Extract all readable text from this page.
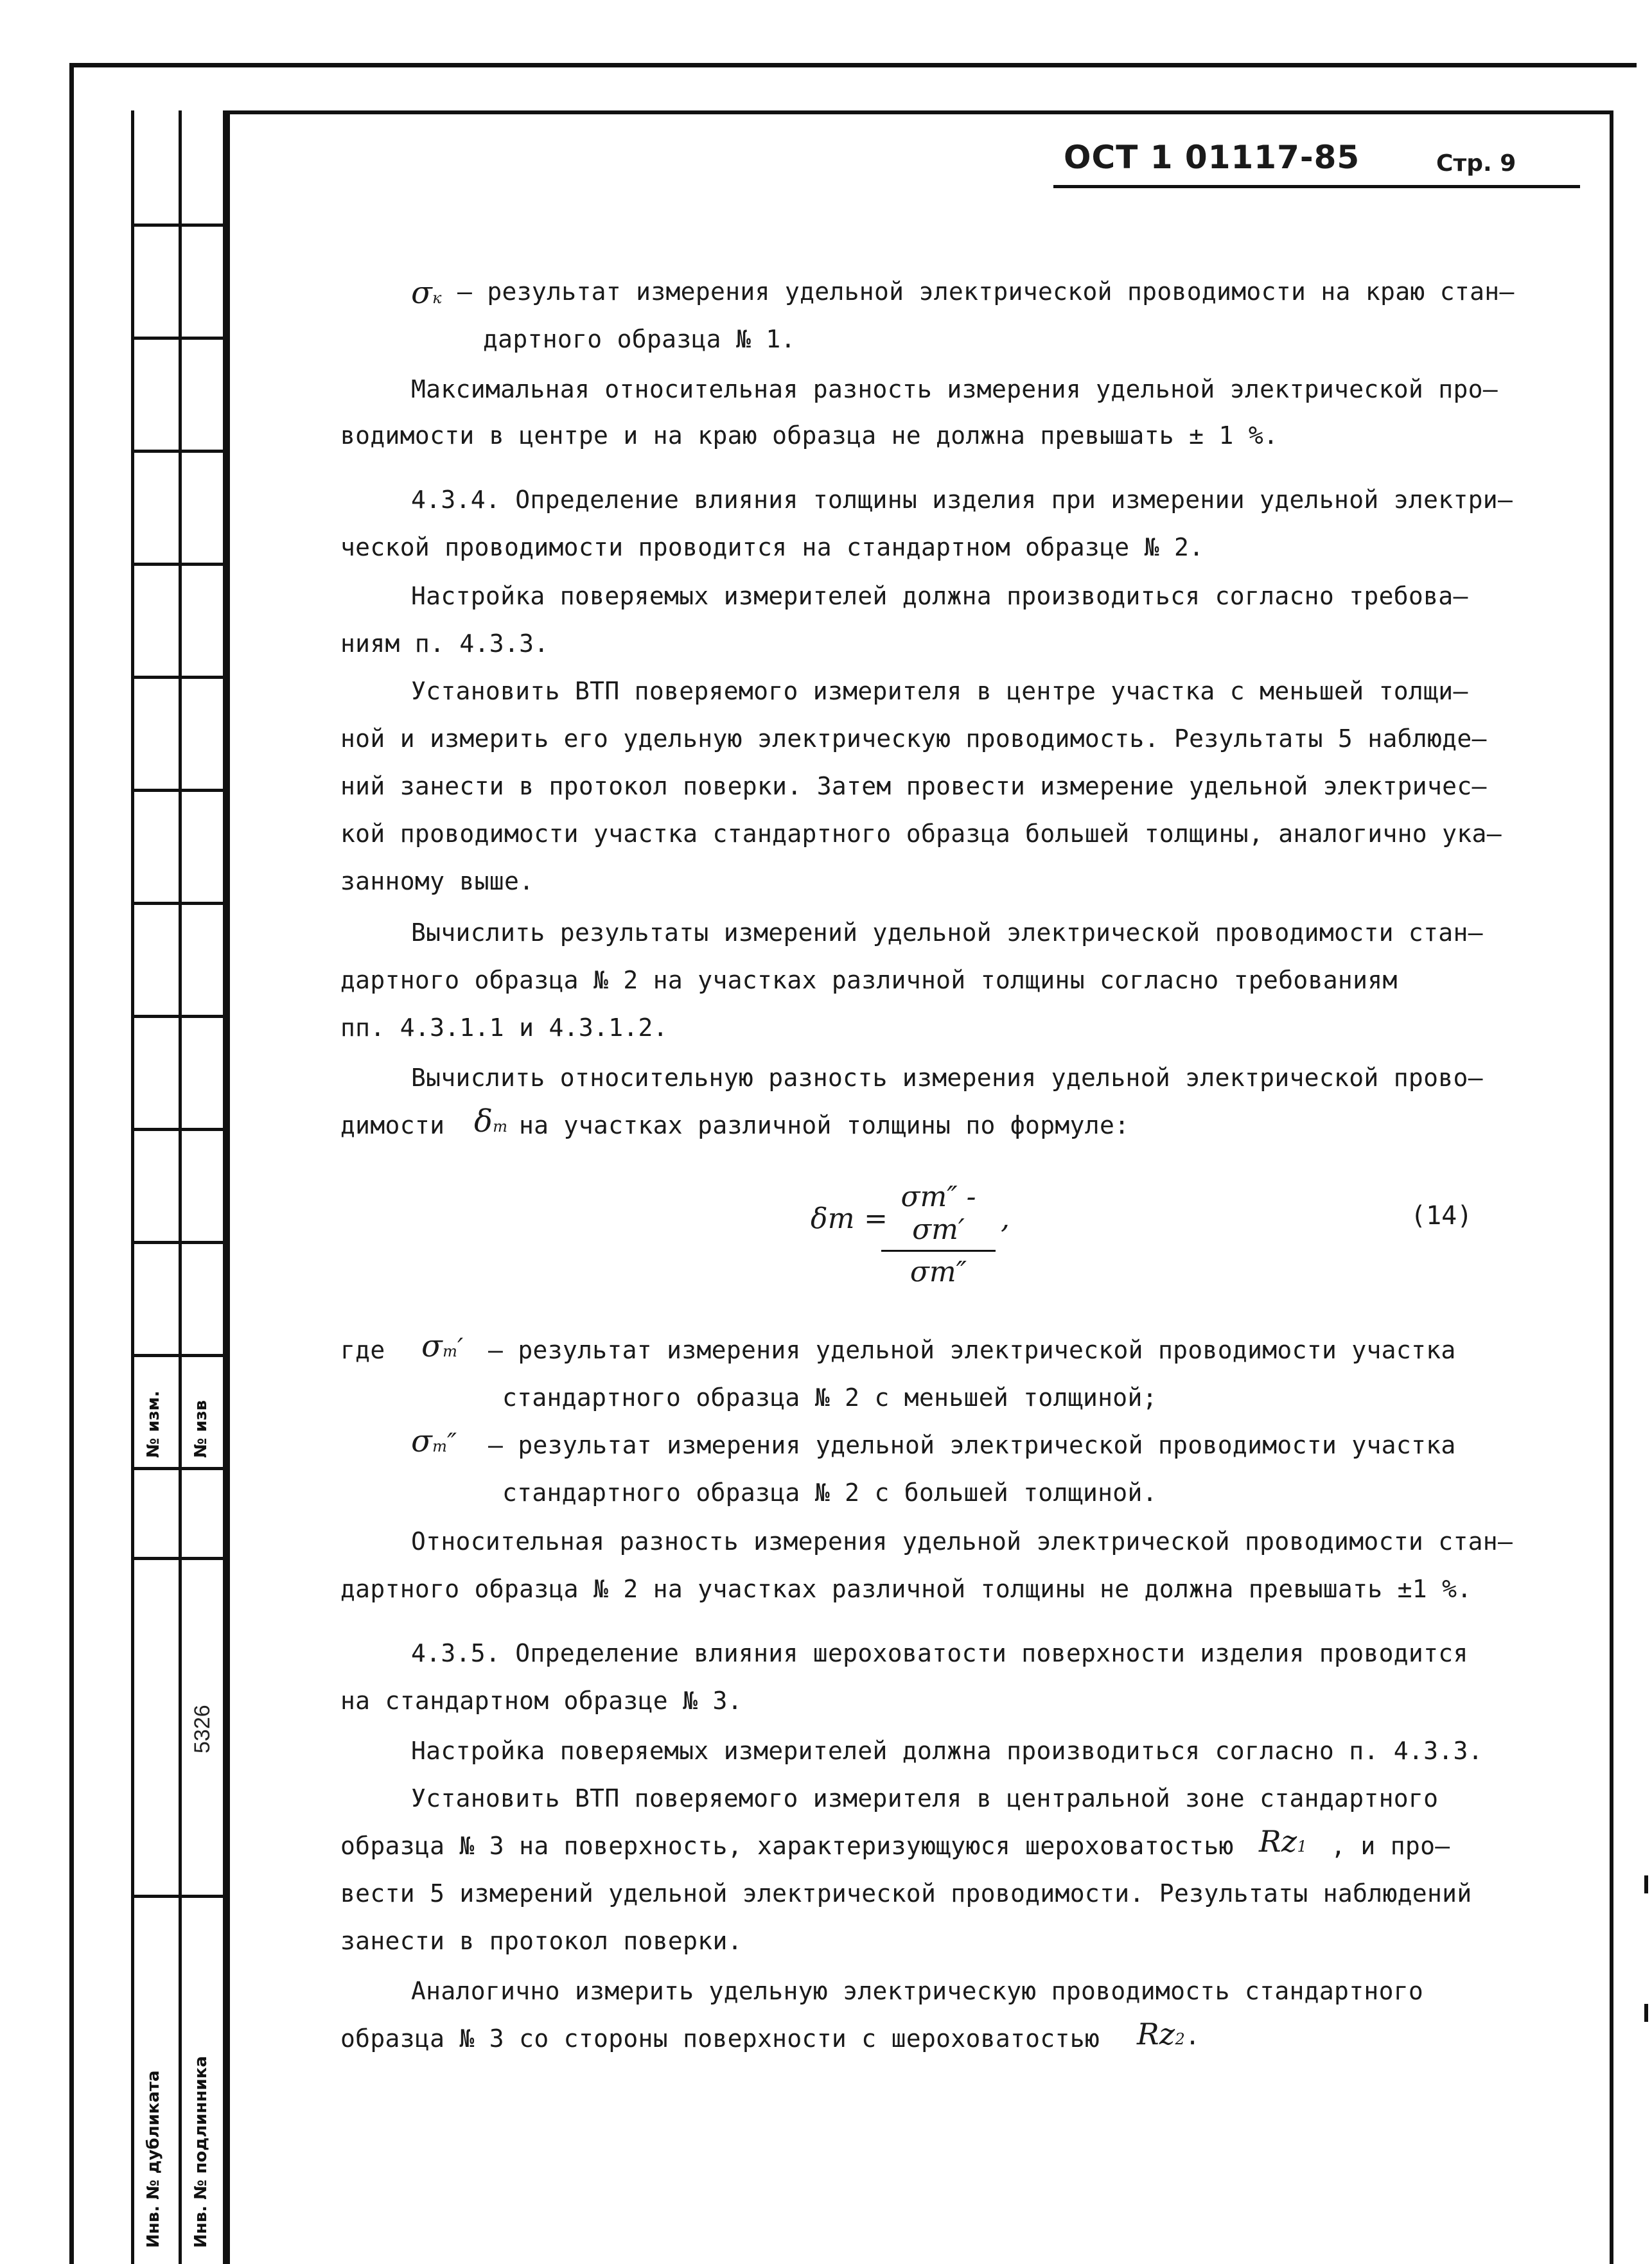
№ изм. № изв
5326
Инв. № дубликата Инв. № подлинника
ОСТ 1 01117-85	Стр. 9
σк – результат измерения удельной электрической проводимости на краю стан–
дартного образца № 1.
Максимальная относительная разность измерения удельной электрической про–
водимости в центре и на краю образца не должна превышать ± 1 %.
4.3.4. Определение влияния толщины изделия при измерении удельной электри–
ческой проводимости проводится на стандартном образце № 2.
Настройка поверяемых измерителей должна производиться согласно требова–
ниям п. 4.3.3.
Установить ВТП поверяемого измерителя в центре участка с меньшей толщи–
ной и измерить его удельную электрическую проводимость. Результаты 5 наблюде–
ний занести в протокол поверки. Затем провести измерение удельной электричес–
кой проводимости участка стандартного образца большей толщины, аналогично ука–
занному выше.
Вычислить результаты измерений удельной электрической проводимости стан–
дартного образца № 2 на участках различной толщины согласно требованиям
пп. 4.3.1.1 и 4.3.1.2.
Вычислить относительную разность измерения удельной электрической прово–
димости δт на участках различной толщины по формуле:
δт =
σт″ - σт′
σт″
,	(14)
где σт′ – результат измерения удельной электрической проводимости участка
стандартного образца № 2 с меньшей толщиной;
σт″ – результат измерения удельной электрической проводимости участка
стандартного образца № 2 с большей толщиной.
Относительная разность измерения удельной электрической проводимости стан–
дартного образца № 2 на участках различной толщины не должна превышать ±1 %.
4.3.5. Определение влияния шероховатости поверхности изделия проводится
на стандартном образце № 3.
Настройка поверяемых измерителей должна производиться согласно п. 4.3.3.
Установить ВТП поверяемого измерителя в центральной зоне стандартного
образца № 3 на поверхность, характеризующуюся шероховатостью Rz1 , и про–
вести 5 измерений удельной электрической проводимости. Результаты наблюдений
занести в протокол поверки.
Аналогично измерить удельную электрическую проводимость стандартного
образца № 3 со стороны поверхности с шероховатостью Rz2.
